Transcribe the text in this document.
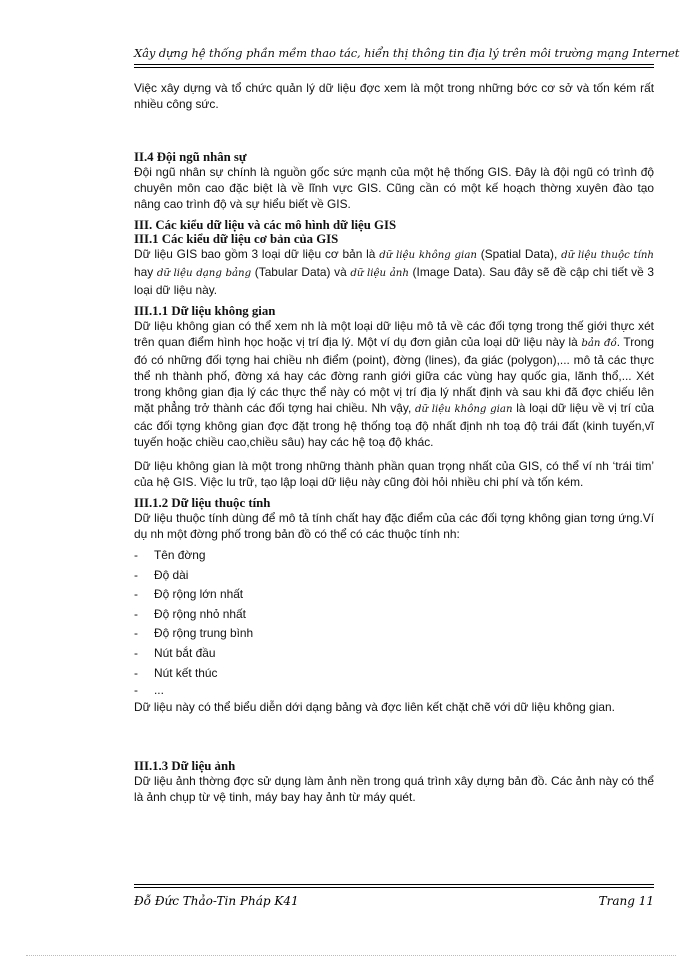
Xây dựng hệ thống phần mềm thao tác, hiển thị thông tin địa lý trên môi trường mạng Internet

Việc xây dựng và tổ chức quản lý dữ liệu đợc xem là một trong những bớc cơ sở và tốn kém rất nhiều công sức.

II.4 Đội ngũ nhân sự

Đội ngũ nhân sự chính là nguồn gốc sức mạnh của một hệ thống GIS. Đây là đội ngũ có trình độ chuyên môn cao đặc biệt là về lĩnh vực GIS. Cũng cần có một kế hoạch thờng xuyên đào tạo nâng cao trình độ và sự hiểu biết về GIS.

III. Các kiểu dữ liệu và các mô hình dữ liệu GIS
III.1 Các kiểu dữ liệu cơ bản của GIS

Dữ liệu GIS bao gồm 3 loại dữ liệu cơ bản là dữ liệu không gian (Spatial Data), dữ liệu thuộc tính hay dữ liệu dạng bảng (Tabular Data) và dữ liệu ảnh (Image Data). Sau đây sẽ đề cập chi tiết về 3 loại dữ liệu này.

III.1.1 Dữ liệu không gian

Dữ liệu không gian có thể xem nh là một loại dữ liệu mô tả về các đối tợng trong thế giới thực xét trên quan điểm hình học hoặc vị trí địa lý. Một ví dụ đơn giản của loại dữ liệu này là bản đồ. Trong đó có những đối tợng hai chiều nh điểm (point), đờng (lines), đa giác (polygon),... mô tả các thực thể nh thành phố, đờng xá hay các đờng ranh giới giữa các vùng hay quốc gia, lãnh thổ,... Xét trong không gian địa lý các thực thể này có một vị trí địa lý nhất định và sau khi đã đợc chiếu lên mặt phẳng trở thành các đối tợng hai chiều. Nh vậy, dữ liệu không gian là loại dữ liệu về vị trí của các đối tợng không gian đợc đặt trong hệ thống toạ độ nhất định nh toạ độ trái đất (kinh tuyến,vĩ tuyến hoặc chiều cao,chiều sâu) hay các hệ toạ độ khác.

Dữ liệu không gian là một trong những thành phần quan trọng nhất của GIS, có thể ví nh ‘trái tim’ của hệ GIS. Việc lu trữ, tạo lập loại dữ liệu này cũng đòi hỏi nhiều chi phí và tốn kém.

III.1.2 Dữ liệu thuộc tính

Dữ liệu thuộc tính dùng để mô tả tính chất hay đặc điểm của các đối tợng không gian tơng ứng.Ví dụ nh một đờng phố trong bản đồ có thể có các thuộc tính nh:

- Tên đờng
- Độ dài
- Độ rộng lớn nhất
- Độ rộng nhỏ nhất
- Độ rộng trung bình
- Nút bắt đầu
- Nút kết thúc
- ...

Dữ liệu này có thể biểu diễn dới dạng bảng và đợc liên kết chặt chẽ với dữ liệu không gian.

III.1.3 Dữ liệu ảnh

Dữ liệu ảnh thờng đợc sử dụng làm ảnh nền trong quá trình xây dựng bản đồ. Các ảnh này có thể là ảnh chụp từ vệ tinh, máy bay hay ảnh từ máy quét.

Đỗ Đức Thảo-Tin Pháp K41	Trang 11
